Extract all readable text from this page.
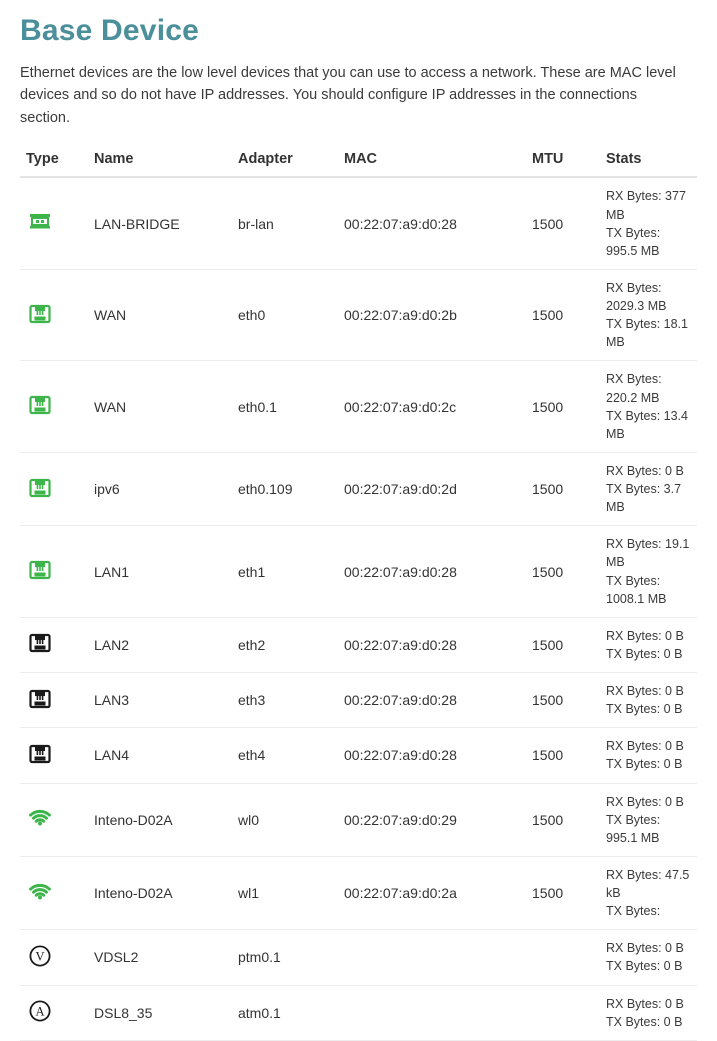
Base Device

Ethernet devices are the low level devices that you can use to access a network. These are MAC level devices and so do not have IP addresses. You should configure IP addresses in the connections section.

Type	Name	Adapter	MAC	MTU	Stats

	LAN-BRIDGE	br-lan	00:22:07:a9:d0:28	1500	RX Bytes: 377 MB
TX Bytes: 995.5 MB

	WAN	eth0	00:22:07:a9:d0:2b	1500	RX Bytes: 2029.3 MB
TX Bytes: 18.1 MB

	WAN	eth0.1	00:22:07:a9:d0:2c	1500	RX Bytes: 220.2 MB
TX Bytes: 13.4 MB

	ipv6	eth0.109	00:22:07:a9:d0:2d	1500	RX Bytes: 0 B
TX Bytes: 3.7 MB

	LAN1	eth1	00:22:07:a9:d0:28	1500	RX Bytes: 19.1 MB
TX Bytes: 1008.1 MB

	LAN2	eth2	00:22:07:a9:d0:28	1500	RX Bytes: 0 B
TX Bytes: 0 B

	LAN3	eth3	00:22:07:a9:d0:28	1500	RX Bytes: 0 B
TX Bytes: 0 B

	LAN4	eth4	00:22:07:a9:d0:28	1500	RX Bytes: 0 B
TX Bytes: 0 B

	Inteno-D02A	wl0	00:22:07:a9:d0:29	1500	RX Bytes: 0 B
TX Bytes: 995.1 MB

	Inteno-D02A	wl1	00:22:07:a9:d0:2a	1500	RX Bytes: 47.5 kB
TX Bytes:

V	VDSL2	ptm0.1			RX Bytes: 0 B
TX Bytes: 0 B

A	DSL8_35	atm0.1			RX Bytes: 0 B
TX Bytes: 0 B
